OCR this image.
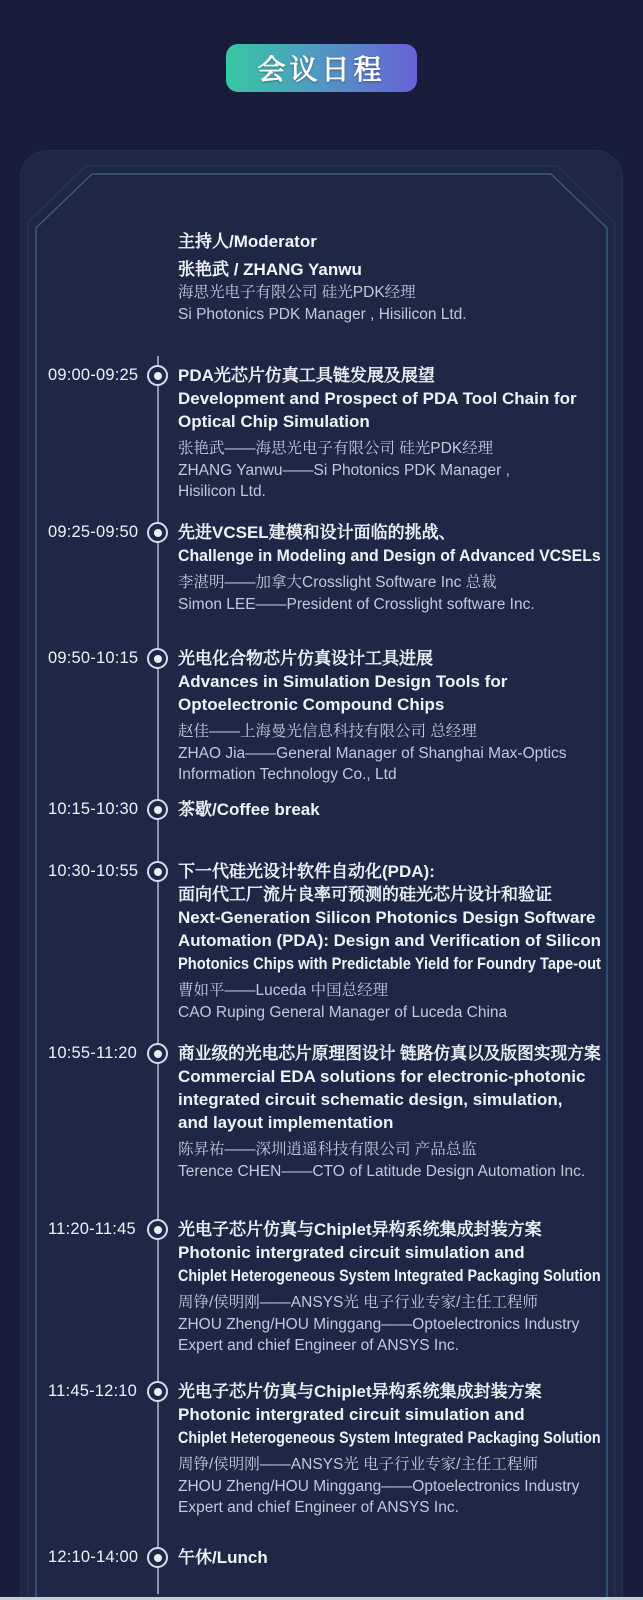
会议日程
主持人/Moderator
张艳武 / ZHANG Yanwu
海思光电子有限公司 硅光PDK经理
Si Photonics PDK Manager , Hisilicon Ltd.
09:00-09:25	PDA光芯片仿真工具链发展及展望
Development and Prospect of PDA Tool Chain for
Optical Chip Simulation
张艳武——海思光电子有限公司 硅光PDK经理
ZHANG Yanwu——Si Photonics PDK Manager ,
Hisilicon Ltd.
09:25-09:50	先进VCSEL建模和设计面临的挑战、
Challenge in Modeling and Design of Advanced VCSELs
李湛明——加拿大Crosslight Software Inc 总裁
Simon LEE——President of Crosslight software Inc.
09:50-10:15	光电化合物芯片仿真设计工具进展
Advances in Simulation Design Tools for
Optoelectronic Compound Chips
赵佳——上海曼光信息科技有限公司 总经理
ZHAO Jia——General Manager of Shanghai Max-Optics
Information Technology Co., Ltd
10:15-10:30	茶歇/Coffee break
10:30-10:55	下一代硅光设计软件自动化(PDA):
面向代工厂流片良率可预测的硅光芯片设计和验证
Next-Generation Silicon Photonics Design Software
Automation (PDA): Design and Verification of Silicon
Photonics Chips with Predictable Yield for Foundry Tape-out
曹如平——Luceda 中国总经理
CAO Ruping General Manager of Luceda China
10:55-11:20	商业级的光电芯片原理图设计 链路仿真以及版图实现方案
Commercial EDA solutions for electronic-photonic
integrated circuit schematic design, simulation,
and layout implementation
陈昇祐——深圳逍遥科技有限公司 产品总监
Terence CHEN——CTO of Latitude Design Automation Inc.
11:20-11:45	光电子芯片仿真与Chiplet异构系统集成封装方案
Photonic intergrated circuit simulation and
Chiplet Heterogeneous System Integrated Packaging Solution
周铮/侯明刚——ANSYS光 电子行业专家/主任工程师
ZHOU Zheng/HOU Minggang——Optoelectronics Industry
Expert and chief Engineer of ANSYS Inc.
11:45-12:10	光电子芯片仿真与Chiplet异构系统集成封装方案
Photonic intergrated circuit simulation and
Chiplet Heterogeneous System Integrated Packaging Solution
周铮/侯明刚——ANSYS光 电子行业专家/主任工程师
ZHOU Zheng/HOU Minggang——Optoelectronics Industry
Expert and chief Engineer of ANSYS Inc.
12:10-14:00	午休/Lunch
